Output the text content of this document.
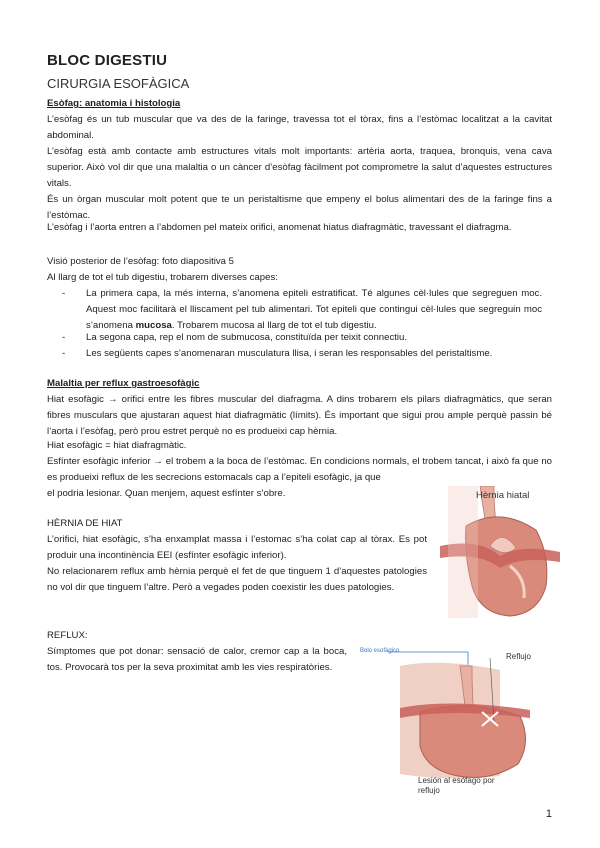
BLOC DIGESTIU
CIRURGIA ESOFÀGICA
Esòfag: anatomia i histologia
L’esòfag és un tub muscular que va des de la faringe, travessa tot el tòrax, fins a l’estòmac localitzat a la cavitat abdominal.
L’esòfag està amb contacte amb estructures vitals molt importants: artèria aorta, traquea, bronquis, vena cava superior. Això vol dir que una malaltia o un càncer d’esòfag fàcilment pot comprometre la salut d’aquestes estructures vitals.
És un òrgan muscular molt potent que te un peristaltisme que empeny el bolus alimentari des de la faringe fins a l’estòmac.
L’esòfag i l’aorta entren a l’abdomen pel mateix orifici, anomenat hiatus diafragmàtic, travessant el diafragma.
Visió posterior de l’esòfag: foto diapositiva 5
Al llarg de tot el tub digestiu, trobarem diverses capes:
- La primera capa, la més interna, s’anomena epiteli estratificat. Té algunes cèl·lules que segreguen moc. Aquest moc facilitarà el lliscament pel tub alimentari. Tot epiteli que contingui cèl·lules que segreguin moc s’anomena mucosa. Trobarem mucosa al llarg de tot el tub digestiu.
- La segona capa, rep el nom de submucosa, constituïda per teixit connectiu.
- Les següents capes s’anomenaran musculatura llisa, i seran les responsables del peristaltisme.
Malaltia per reflux gastroesofàgic
Hiat esofàgic → orifici entre les fibres muscular del diafragma. A dins trobarem els pilars diafragmàtics, que seran fibres musculars que ajustaran aquest hiat diafragmàtic (límits). És important que sigui prou ample perquè passin bé l’aorta i l’esòfag, però prou estret perquè no es produeixi cap hèrnia.
Hiat esofàgic = hiat diafragmàtic.
Esfínter esofàgic inferior → el trobem a la boca de l’estòmac. En condicions normals, el trobem tancat, i això fa que no es produeixi reflux de les secrecions estomacals cap a l’epiteli esofàgic, ja que
el podria lesionar. Quan menjem, aquest esfínter s’obre.
HÈRNIA DE HIAT
L’orifici, hiat esofàgic, s’ha enxamplat massa i l’estomac s’ha colat cap al tòrax. Es pot produir una incontinència EEI (esfínter esofàgic inferior).
No relacionarem reflux amb hèrnia perquè el fet de que tinguem 1 d’aquestes patologies no vol dir que tinguem l’altre. Però a vegades poden coexistir les dues patologies.
Hèrnia hiatal
REFLUX:
Símptomes que pot donar: sensació de calor, cremor cap a la boca, tos. Provocarà tos per la seva proximitat amb les vies respiratòries.
Bolo esofágico
Reflujo
Lesión al esófago por reflujo
1
